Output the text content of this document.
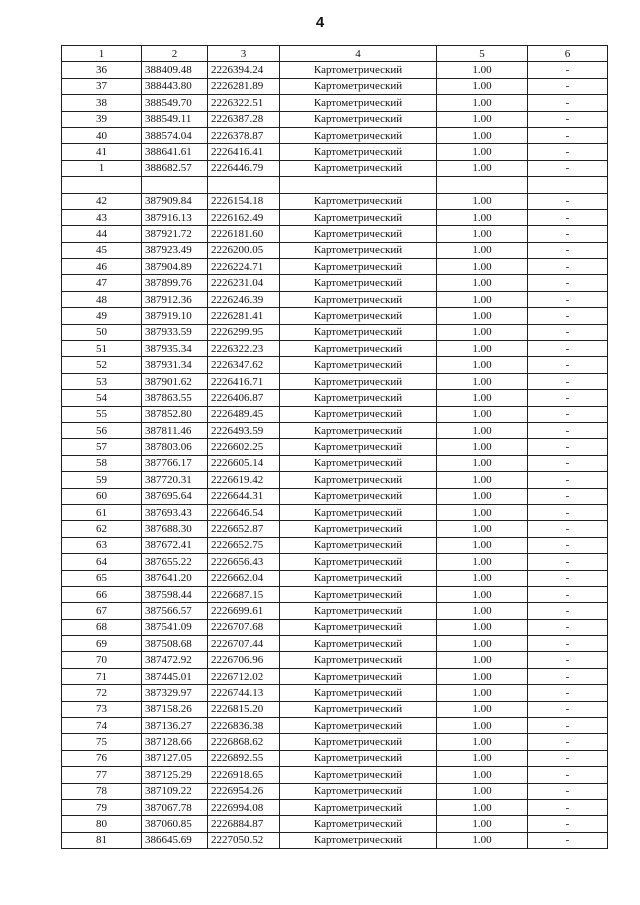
4
1	2	3	4	5	6
36	388409.48	2226394.24	Картометрический	1.00	-
37	388443.80	2226281.89	Картометрический	1.00	-
38	388549.70	2226322.51	Картометрический	1.00	-
39	388549.11	2226387.28	Картометрический	1.00	-
40	388574.04	2226378.87	Картометрический	1.00	-
41	388641.61	2226416.41	Картометрический	1.00	-
1	388682.57	2226446.79	Картометрический	1.00	-

42	387909.84	2226154.18	Картометрический	1.00	-
43	387916.13	2226162.49	Картометрический	1.00	-
44	387921.72	2226181.60	Картометрический	1.00	-
45	387923.49	2226200.05	Картометрический	1.00	-
46	387904.89	2226224.71	Картометрический	1.00	-
47	387899.76	2226231.04	Картометрический	1.00	-
48	387912.36	2226246.39	Картометрический	1.00	-
49	387919.10	2226281.41	Картометрический	1.00	-
50	387933.59	2226299.95	Картометрический	1.00	-
51	387935.34	2226322.23	Картометрический	1.00	-
52	387931.34	2226347.62	Картометрический	1.00	-
53	387901.62	2226416.71	Картометрический	1.00	-
54	387863.55	2226406.87	Картометрический	1.00	-
55	387852.80	2226489.45	Картометрический	1.00	-
56	387811.46	2226493.59	Картометрический	1.00	-
57	387803.06	2226602.25	Картометрический	1.00	-
58	387766.17	2226605.14	Картометрический	1.00	-
59	387720.31	2226619.42	Картометрический	1.00	-
60	387695.64	2226644.31	Картометрический	1.00	-
61	387693.43	2226646.54	Картометрический	1.00	-
62	387688.30	2226652.87	Картометрический	1.00	-
63	387672.41	2226652.75	Картометрический	1.00	-
64	387655.22	2226656.43	Картометрический	1.00	-
65	387641.20	2226662.04	Картометрический	1.00	-
66	387598.44	2226687.15	Картометрический	1.00	-
67	387566.57	2226699.61	Картометрический	1.00	-
68	387541.09	2226707.68	Картометрический	1.00	-
69	387508.68	2226707.44	Картометрический	1.00	-
70	387472.92	2226706.96	Картометрический	1.00	-
71	387445.01	2226712.02	Картометрический	1.00	-
72	387329.97	2226744.13	Картометрический	1.00	-
73	387158.26	2226815.20	Картометрический	1.00	-
74	387136.27	2226836.38	Картометрический	1.00	-
75	387128.66	2226868.62	Картометрический	1.00	-
76	387127.05	2226892.55	Картометрический	1.00	-
77	387125.29	2226918.65	Картометрический	1.00	-
78	387109.22	2226954.26	Картометрический	1.00	-
79	387067.78	2226994.08	Картометрический	1.00	-
80	387060.85	2226884.87	Картометрический	1.00	-
81	386645.69	2227050.52	Картометрический	1.00	-
